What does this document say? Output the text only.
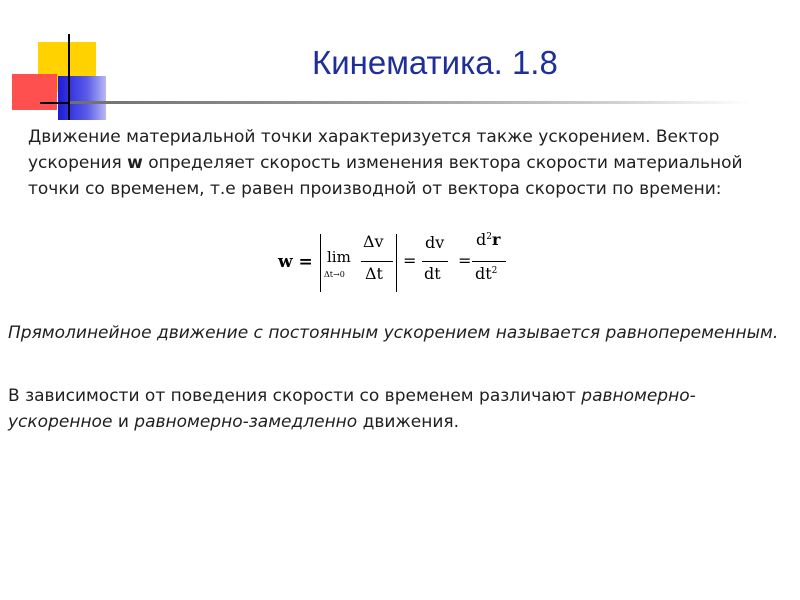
Кинематика. 1.8
Движение материальной точки характеризуется также ускорением. Вектор ускорения w определяет скорость изменения вектора скорости материальной точки со временем, т.е равен производной от вектора скорости по времени:
w = lim
Δt→0
Δv
Δt
=
dv
dt
=
$d^2r$
$dt^2$
Прямолинейное движение с постоянным ускорением называется равнопеременным.
В зависимости от поведения скорости со временем различают равномерно-ускоренное и равномерно-замедленно движения.
